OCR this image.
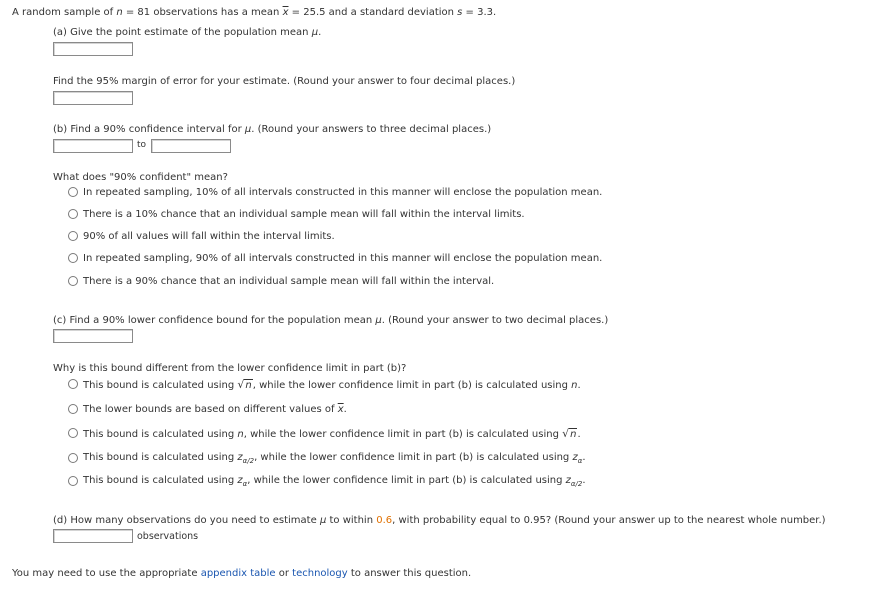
A random sample of n = 81 observations has a mean $\overline{x} = 25.5$ and a standard deviation s = 3.3.
(a) Give the point estimate of the population mean μ.
Find the 95% margin of error for your estimate. (Round your answer to four decimal places.)
(b) Find a 90% confidence interval for μ. (Round your answers to three decimal places.)
to
What does "90% confident" mean?
In repeated sampling, 10% of all intervals constructed in this manner will enclose the population mean.
There is a 10% chance that an individual sample mean will fall within the interval limits.
90% of all values will fall within the interval limits.
In repeated sampling, 90% of all intervals constructed in this manner will enclose the population mean.
There is a 90% chance that an individual sample mean will fall within the interval.
(c) Find a 90% lower confidence bound for the population mean μ. (Round your answer to two decimal places.)
Why is this bound different from the lower confidence limit in part (b)?
This bound is calculated using √n, while the lower confidence limit in part (b) is calculated using n.
The lower bounds are based on different values of $\overline{x}$.
This bound is calculated using n, while the lower confidence limit in part (b) is calculated using √n.
This bound is calculated using $z_{\alpha/2}$, while the lower confidence limit in part (b) is calculated using $z_\alpha$.
This bound is calculated using $z_\alpha$, while the lower confidence limit in part (b) is calculated using $z_{\alpha/2}$.
(d) How many observations do you need to estimate μ to within 0.6, with probability equal to 0.95? (Round your answer up to the nearest whole number.)
observations
You may need to use the appropriate appendix table or technology to answer this question.
